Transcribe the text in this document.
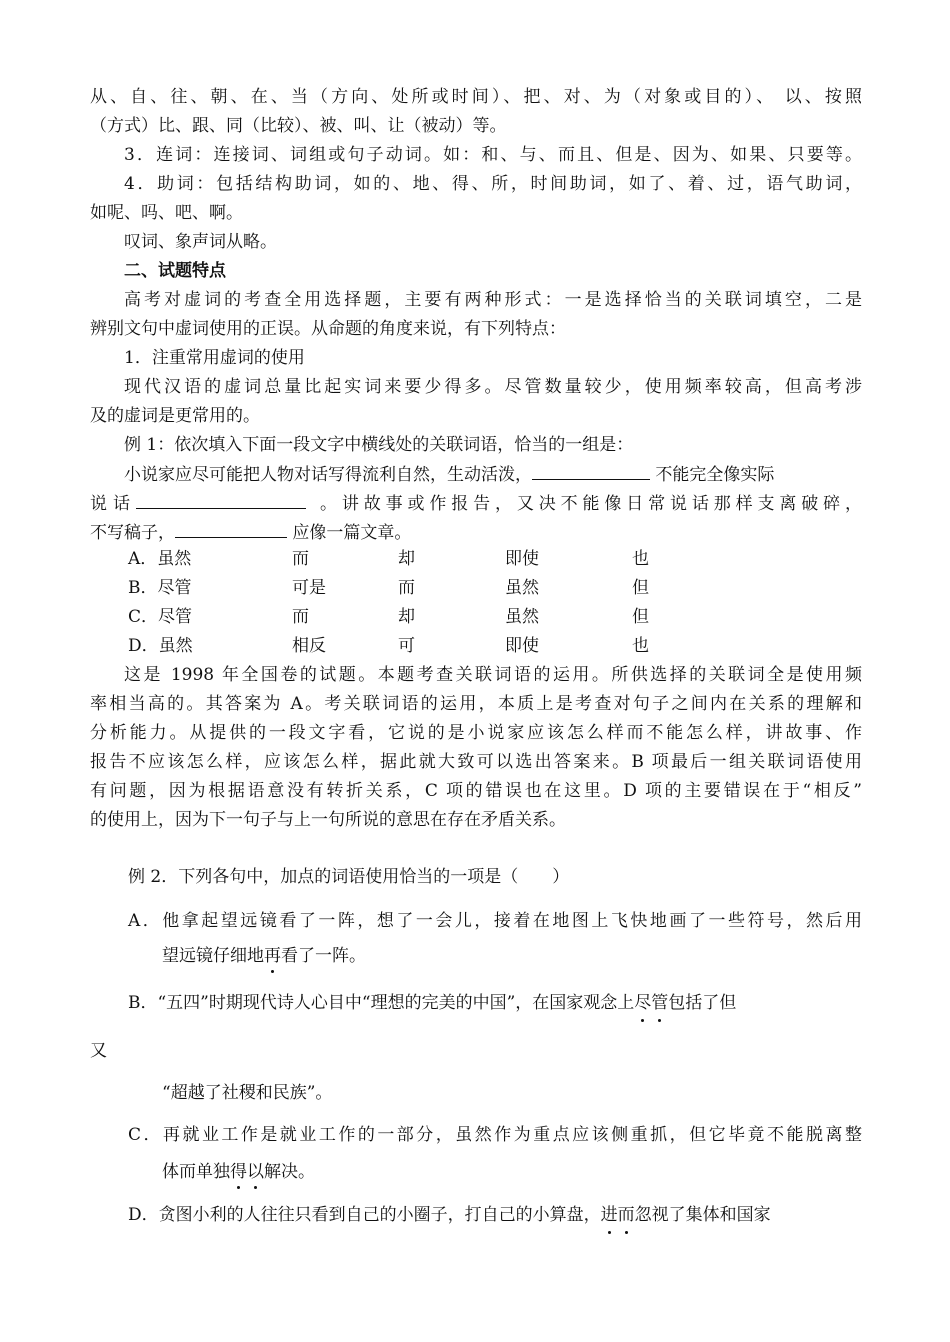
从、自、往、朝、在、当（方向、处所或时间）、把、对、为（对象或目的）、 以、按照
（方式）比、跟、同（比较）、被、叫、让（被动）等。
3．连词：连接词、词组或句子动词。如：和、与、而且、但是、因为、如果、只要等。
4．助词：包括结构助词，如的、地、得、所，时间助词，如了、着、过，语气助词，
如呢、吗、吧、啊。
叹词、象声词从略。
二、试题特点
高考对虚词的考查全用选择题，主要有两种形式：一是选择恰当的关联词填空，二是
辨别文句中虚词使用的正误。从命题的角度来说，有下列特点：
1．注重常用虚词的使用
现代汉语的虚词总量比起实词来要少得多。尽管数量较少，使用频率较高，但高考涉
及的虚词是更常用的。
例 1：依次填入下面一段文字中横线处的关联词语，恰当的一组是：
小说家应尽可能把人物对话写得流利自然，生动活泼，	不能完全像实际
说话	。讲故事或作报告，又决不能像日常说话那样支离破碎，
不写稿子，	应像一篇文章。
A．虽然	而	却	即使	也
B．尽管	可是	而	虽然	但
C．尽管	而	却	虽然	但
D．虽然	相反	可	即使	也
这是 1998 年全国卷的试题。本题考查关联词语的运用。所供选择的关联词全是使用频
率相当高的。其答案为 A。考关联词语的运用，本质上是考查对句子之间内在关系的理解和
分析能力。从提供的一段文字看，它说的是小说家应该怎么样而不能怎么样，讲故事、作
报告不应该怎么样，应该怎么样，据此就大致可以选出答案来。B 项最后一组关联词语使用
有问题，因为根据语意没有转折关系，C 项的错误也在这里。D 项的主要错误在于“相反”
的使用上，因为下一句子与上一句所说的意思在存在矛盾关系。
例 2．下列各句中，加点的词语使用恰当的一项是（　　）
A．他拿起望远镜看了一阵，想了一会儿，接着在地图上飞快地画了一些符号，然后用
望远镜仔细地再看了一阵。
B．“五四”时期现代诗人心目中“理想的完美的中国”，在国家观念上 尽 管 包括了但
又
“超越了社稷和民族”。
C．再就业工作是就业工作的一部分，虽然作为重点应该侧重抓，但它毕竟不能脱离整
体而单独得以解决。
D．贪图小利的人往往只看到自己的小圈子，打自己的小算盘， 进 而 忽视了集体和国家
